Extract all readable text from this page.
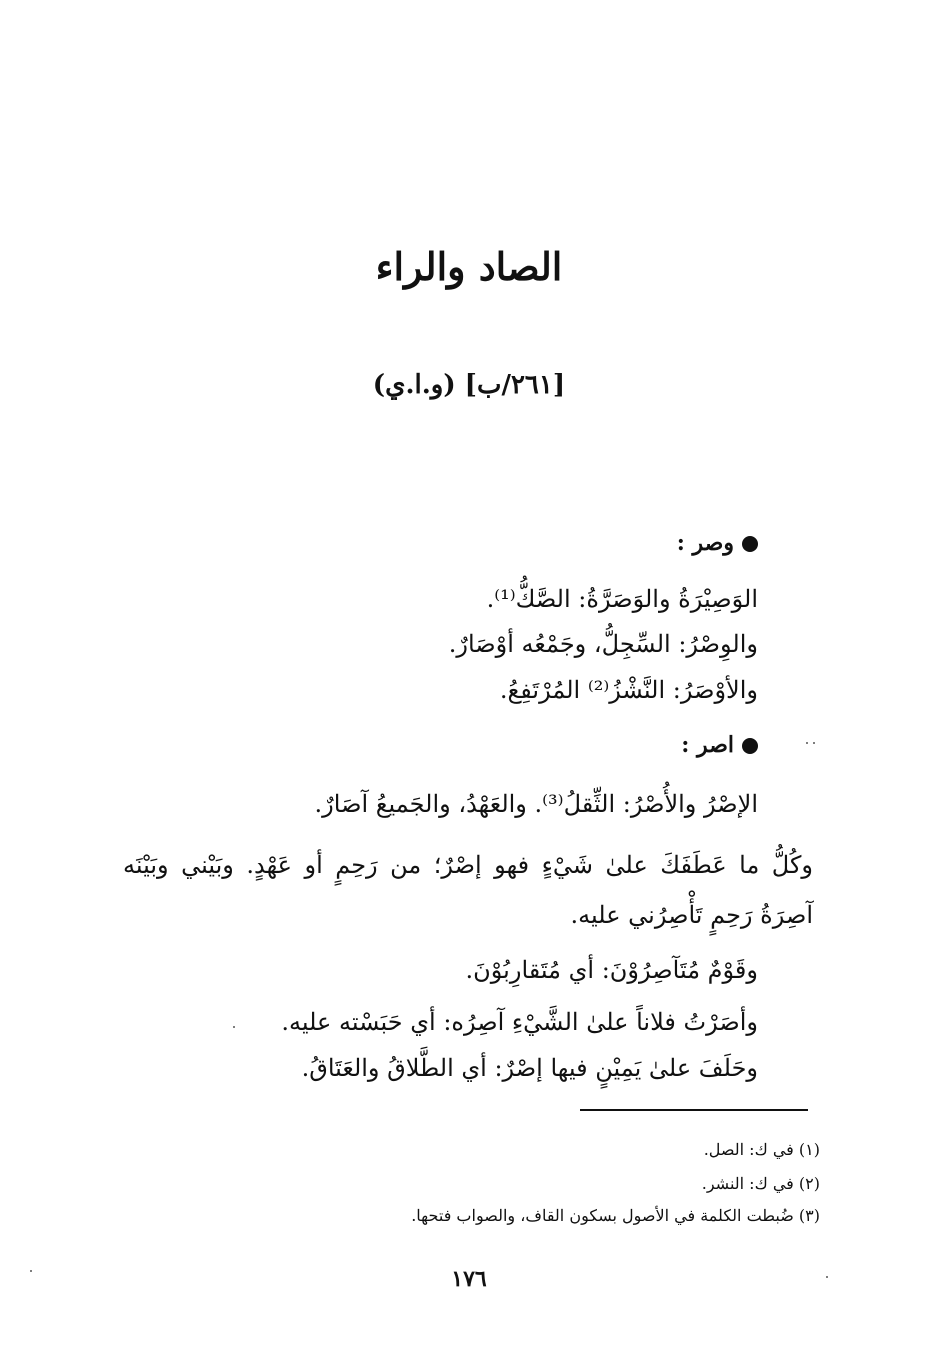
الصاد والراء
[٢٦١/ب] (و.ا.ي)
وصر :
الوَصِيْرَةُ والوَصَرَّةُ: الصَّكُّ⁽¹⁾.
والوِصْرُ: السِّجِلُّ، وجَمْعُه أوْصَارٌ.
والأوْصَرُ: النَّشْزُ⁽²⁾ المُرْتَفِعُ.
اصر :
الإصْرُ والأُصْرُ: الثِّقلُ⁽³⁾. والعَهْدُ، والجَميعُ آصَارٌ.
وكُلُّ ما عَطَفَكَ علىٰ شَيْءٍ فهو إصْرٌ؛ من رَحِمٍ أو عَهْدٍ. وبَيْني وبَيْنَه آصِرَةُ رَحِمٍ تَأْصِرُني عليه.
وقَوْمٌ مُتَآصِرُوْنَ: أي مُتَقارِبُوْنَ.
وأصَرْتُ فلاناً علىٰ الشَّيْءِ آصِرُه: أي حَبَسْته عليه.
وحَلَفَ علىٰ يَمِيْنٍ فيها إصْرٌ: أي الطَّلاقُ والعَتَاقُ.
(١) في ك: الصل.
(٢) في ك: النشر.
(٣) ضُبطت الكلمة في الأصول بسكون القاف، والصواب فتحها.
١٧٦
